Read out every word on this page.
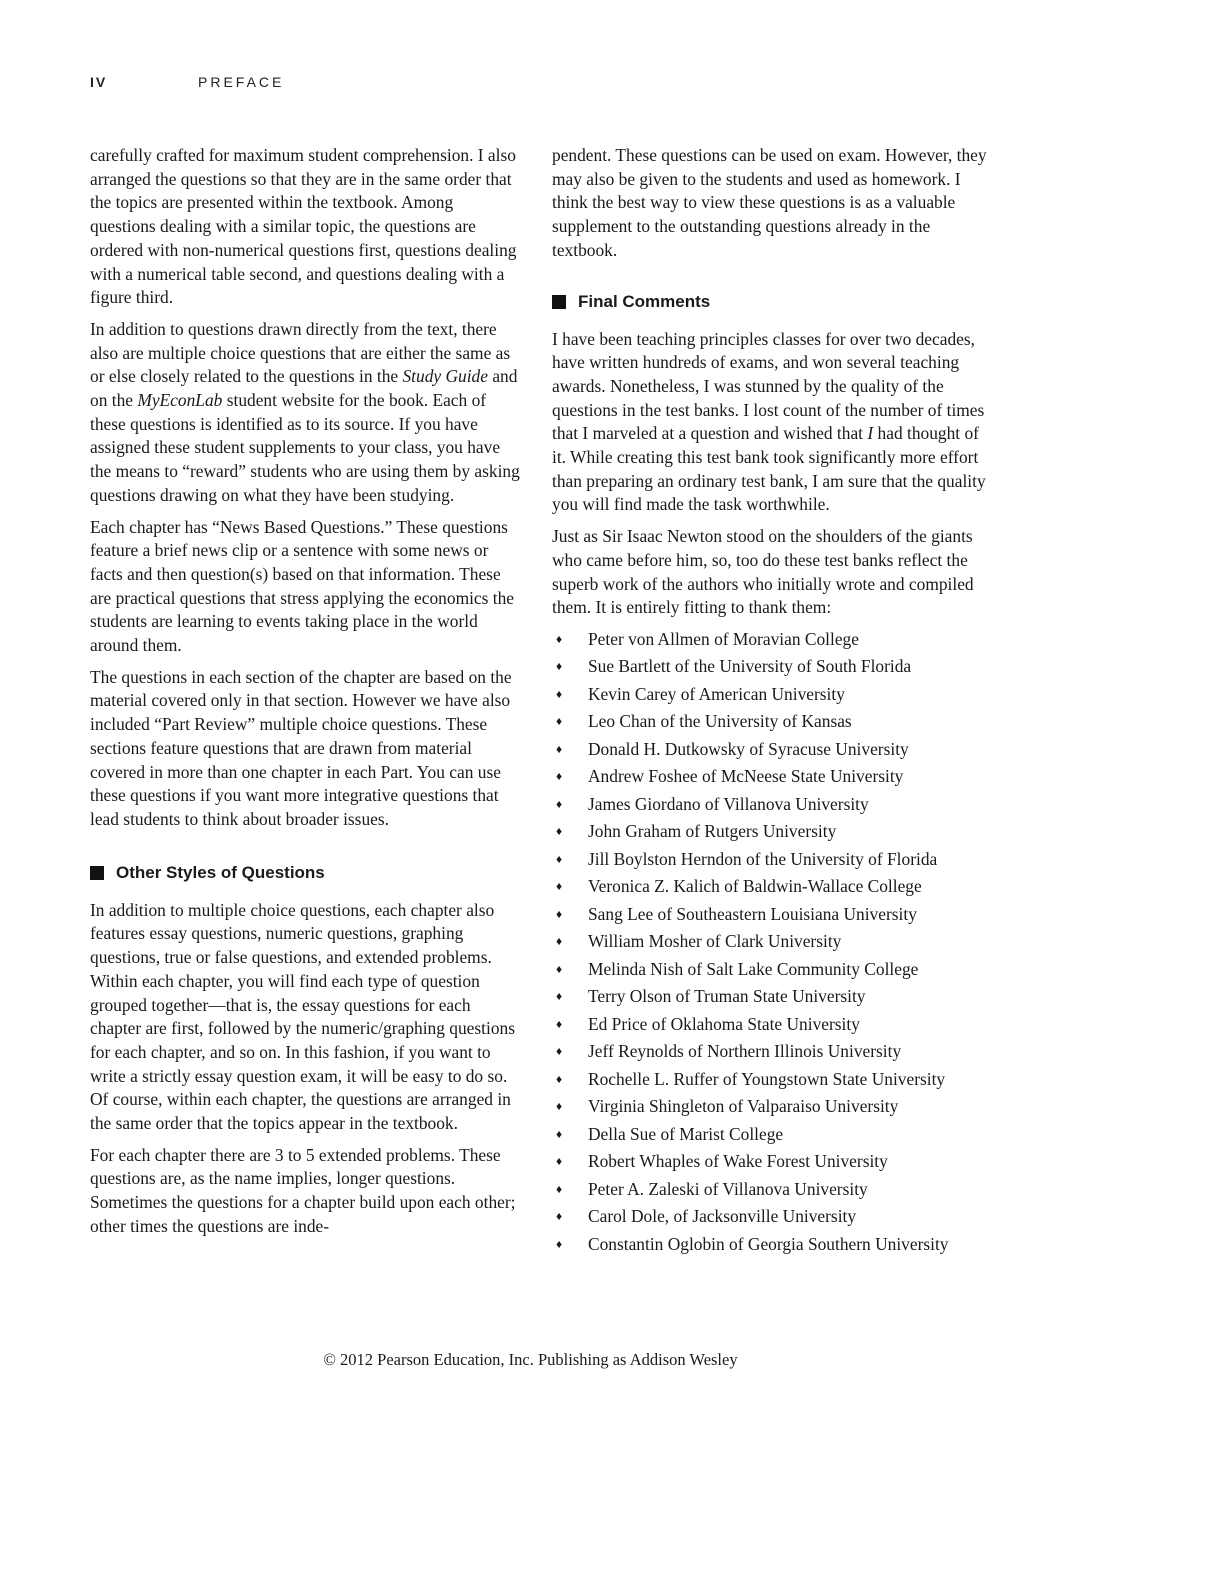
IV	PREFACE

carefully crafted for maximum student comprehension. I also arranged the questions so that they are in the same order that the topics are presented within the textbook. Among questions dealing with a similar topic, the questions are ordered with non-numerical questions first, questions dealing with a numerical table second, and questions dealing with a figure third.

In addition to questions drawn directly from the text, there also are multiple choice questions that are either the same as or else closely related to the questions in the Study Guide and on the MyEconLab student website for the book. Each of these questions is identified as to its source. If you have assigned these student supplements to your class, you have the means to “reward” students who are using them by asking questions drawing on what they have been studying.

Each chapter has “News Based Questions.” These questions feature a brief news clip or a sentence with some news or facts and then question(s) based on that information. These are practical questions that stress applying the economics the students are learning to events taking place in the world around them.

The questions in each section of the chapter are based on the material covered only in that section. However we have also included “Part Review” multiple choice questions. These sections feature questions that are drawn from material covered in more than one chapter in each Part. You can use these questions if you want more integrative questions that lead students to think about broader issues.

Other Styles of Questions

In addition to multiple choice questions, each chapter also features essay questions, numeric questions, graphing questions, true or false questions, and extended problems. Within each chapter, you will find each type of question grouped together—that is, the essay questions for each chapter are first, followed by the numeric/graphing questions for each chapter, and so on. In this fashion, if you want to write a strictly essay question exam, it will be easy to do so. Of course, within each chapter, the questions are arranged in the same order that the topics appear in the textbook.

For each chapter there are 3 to 5 extended problems. These questions are, as the name implies, longer questions. Sometimes the questions for a chapter build upon each other; other times the questions are inde-

pendent. These questions can be used on exam. However, they may also be given to the students and used as homework. I think the best way to view these questions is as a valuable supplement to the outstanding questions already in the textbook.

Final Comments

I have been teaching principles classes for over two decades, have written hundreds of exams, and won several teaching awards. Nonetheless, I was stunned by the quality of the questions in the test banks. I lost count of the number of times that I marveled at a question and wished that I had thought of it. While creating this test bank took significantly more effort than preparing an ordinary test bank, I am sure that the quality you will find made the task worthwhile.

Just as Sir Isaac Newton stood on the shoulders of the giants who came before him, so, too do these test banks reflect the superb work of the authors who initially wrote and compiled them. It is entirely fitting to thank them:

♦	Peter von Allmen of Moravian College
♦	Sue Bartlett of the University of South Florida
♦	Kevin Carey of American University
♦	Leo Chan of the University of Kansas
♦	Donald H. Dutkowsky of Syracuse University
♦	Andrew Foshee of McNeese State University
♦	James Giordano of Villanova University
♦	John Graham of Rutgers University
♦	Jill Boylston Herndon of the University of Florida
♦	Veronica Z. Kalich of Baldwin-Wallace College
♦	Sang Lee of Southeastern Louisiana University
♦	William Mosher of Clark University
♦	Melinda Nish of Salt Lake Community College
♦	Terry Olson of Truman State University
♦	Ed Price of Oklahoma State University
♦	Jeff Reynolds of Northern Illinois University
♦	Rochelle L. Ruffer of Youngstown State University
♦	Virginia Shingleton of Valparaiso University
♦	Della Sue of Marist College
♦	Robert Whaples of Wake Forest University
♦	Peter A. Zaleski of Villanova University
♦	Carol Dole, of Jacksonville University
♦	Constantin Oglobin of Georgia Southern University
© 2012 Pearson Education, Inc. Publishing as Addison Wesley
